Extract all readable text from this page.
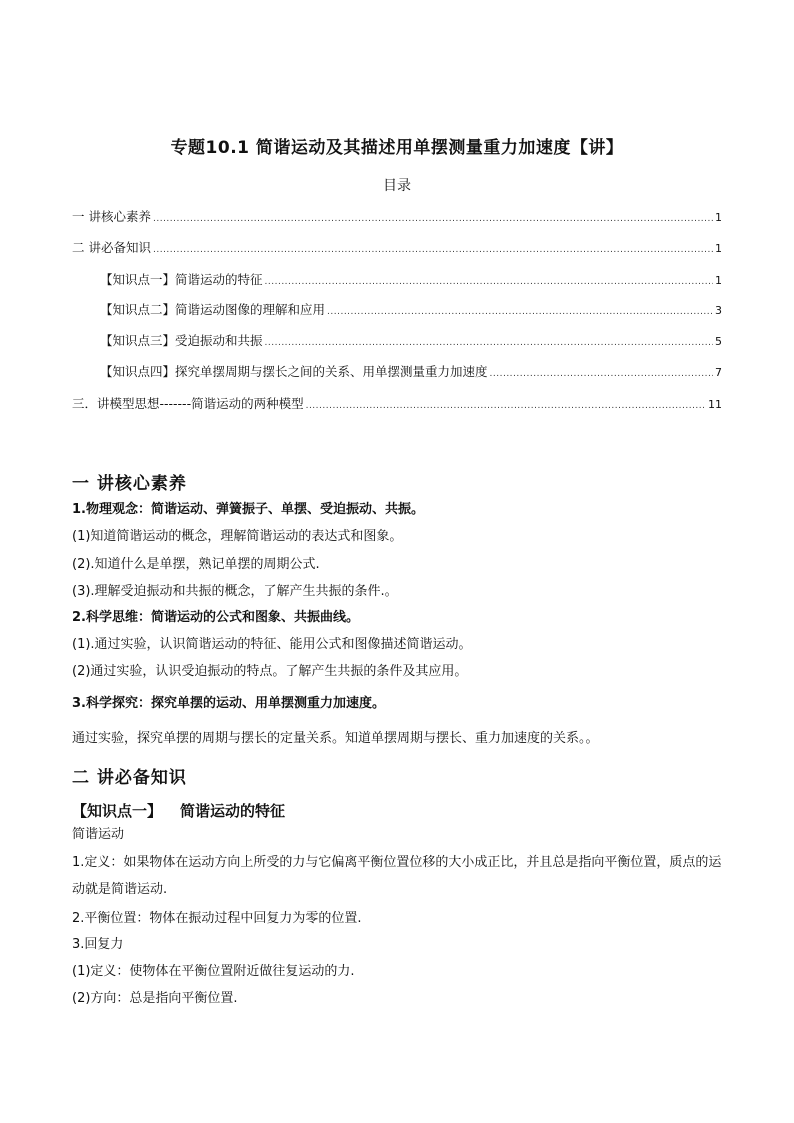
专题10.1 简谐运动及其描述用单摆测量重力加速度【讲】
目录
一 讲核心素养 .....	1
二 讲必备知识 .....	1
【知识点一】简谐运动的特征 .....	1
【知识点二】简谐运动图像的理解和应用 .....	3
【知识点三】受迫振动和共振 .....	5
【知识点四】探究单摆周期与摆长之间的关系、用单摆测量重力加速度 .....	7
三．讲模型思想-------简谐运动的两种模型 .....	11
一 讲核心素养
1.物理观念：简谐运动、弹簧振子、单摆、受迫振动、共振。
(1)知道简谐运动的概念，理解简谐运动的表达式和图象。
(2).知道什么是单摆，熟记单摆的周期公式.
(3).理解受迫振动和共振的概念，了解产生共振的条件.。
2.科学思维：简谐运动的公式和图象、共振曲线。
(1).通过实验，认识简谐运动的特征、能用公式和图像描述简谐运动。
(2)通过实验，认识受迫振动的特点。了解产生共振的条件及其应用。
3.科学探究：探究单摆的运动、用单摆测重力加速度。
通过实验，探究单摆的周期与摆长的定量关系。知道单摆周期与摆长、重力加速度的关系。。
二 讲必备知识
【知识点一】 简谐运动的特征
简谐运动
1.定义：如果物体在运动方向上所受的力与它偏离平衡位置位移的大小成正比，并且总是指向平衡位置，质点的运动就是简谐运动.
2.平衡位置：物体在振动过程中回复力为零的位置.
3.回复力
(1)定义：使物体在平衡位置附近做往复运动的力.
(2)方向：总是指向平衡位置.
